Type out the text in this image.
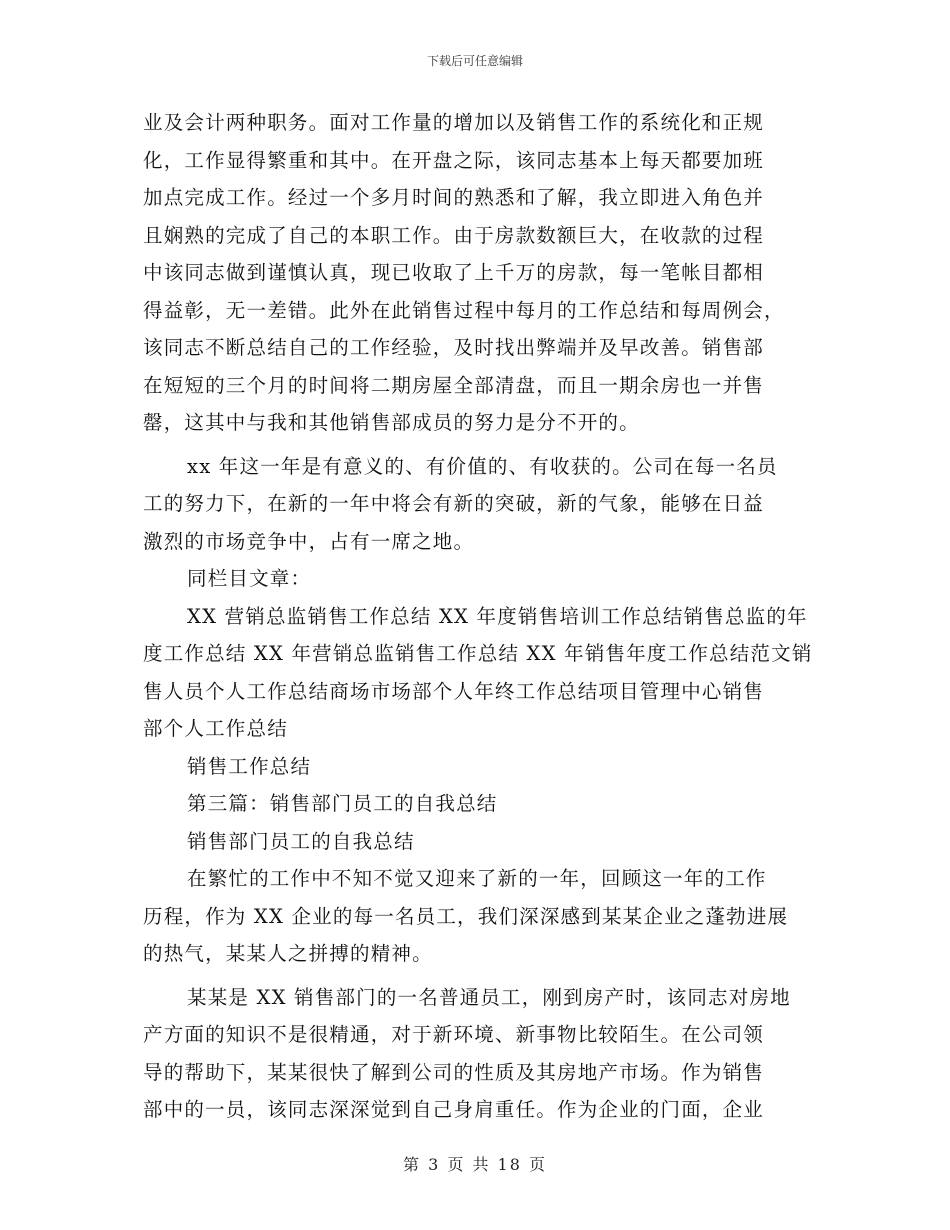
下载后可任意编辑
业及会计两种职务。面对工作量的增加以及销售工作的系统化和正规
化，工作显得繁重和其中。在开盘之际，该同志基本上每天都要加班
加点完成工作。经过一个多月时间的熟悉和了解，我立即进入角色并
且娴熟的完成了自己的本职工作。由于房款数额巨大，在收款的过程
中该同志做到谨慎认真，现已收取了上千万的房款，每一笔帐目都相
得益彰，无一差错。此外在此销售过程中每月的工作总结和每周例会，
该同志不断总结自己的工作经验，及时找出弊端并及早改善。销售部
在短短的三个月的时间将二期房屋全部清盘，而且一期余房也一并售
罄，这其中与我和其他销售部成员的努力是分不开的。
xx 年这一年是有意义的、有价值的、有收获的。公司在每一名员
工的努力下，在新的一年中将会有新的突破，新的气象，能够在日益
激烈的市场竞争中，占有一席之地。
同栏目文章：
XX 营销总监销售工作总结 XX 年度销售培训工作总结销售总监的年
度工作总结 XX 年营销总监销售工作总结 XX 年销售年度工作总结范文销
售人员个人工作总结商场市场部个人年终工作总结项目管理中心销售
部个人工作总结
销售工作总结
第三篇：销售部门员工的自我总结
销售部门员工的自我总结
在繁忙的工作中不知不觉又迎来了新的一年，回顾这一年的工作
历程，作为 XX 企业的每一名员工，我们深深感到某某企业之蓬勃进展
的热气，某某人之拼搏的精神。
某某是 XX 销售部门的一名普通员工，刚到房产时，该同志对房地
产方面的知识不是很精通，对于新环境、新事物比较陌生。在公司领
导的帮助下，某某很快了解到公司的性质及其房地产市场。作为销售
部中的一员，该同志深深觉到自己身肩重任。作为企业的门面，企业
第 3 页 共 18 页
